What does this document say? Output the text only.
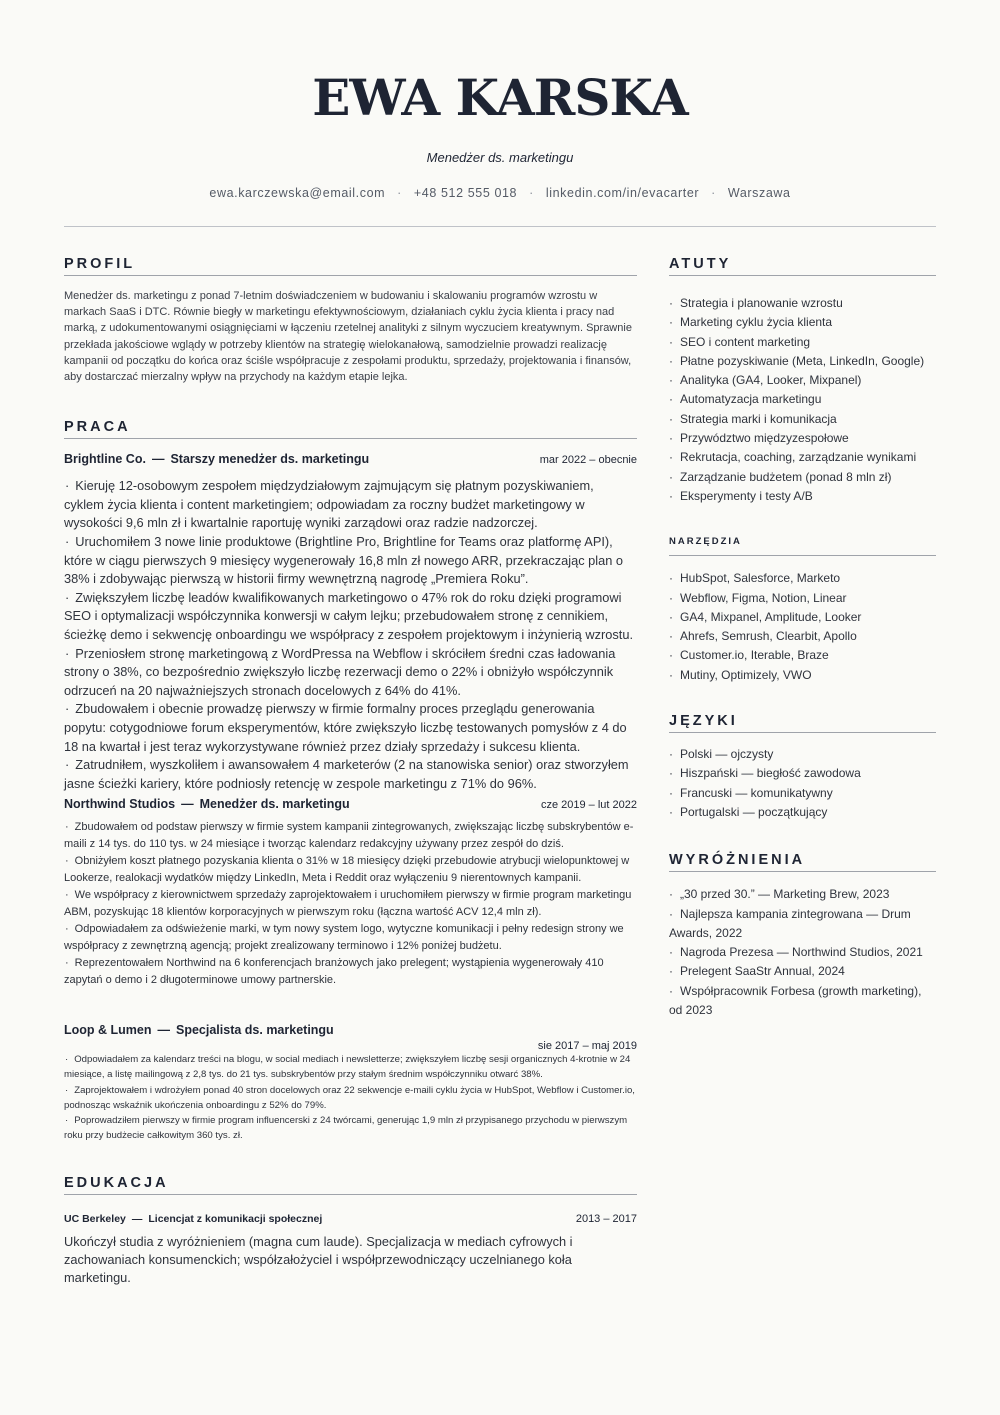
EWA KARSKA
Menedżer ds. marketingu
ewa.karczewska@email.com · +48 512 555 018 · linkedin.com/in/evacarter · Warszawa
PROFIL

Menedżer ds. marketingu z ponad 7-letnim doświadczeniem w budowaniu i skalowaniu programów wzrostu w markach SaaS i DTC. Równie biegły w marketingu efektywnościowym, działaniach cyklu życia klienta i pracy nad marką, z udokumentowanymi osiągnięciami w łączeniu rzetelnej analityki z silnym wyczuciem kreatywnym. Sprawnie przekłada jakościowe wglądy w potrzeby klientów na strategię wielokanałową, samodzielnie prowadzi realizację kampanii od początku do końca oraz ściśle współpracuje z zespołami produktu, sprzedaży, projektowania i finansów, aby dostarczać mierzalny wpływ na przychody na każdym etapie lejka.

PRACA
Brightline Co. — Starszy menedżer ds. marketingu	mar 2022 – obecnie
· Kieruję 12-osobowym zespołem międzydziałowym zajmującym się płatnym pozyskiwaniem, cyklem życia klienta i content marketingiem; odpowiadam za roczny budżet marketingowy w wysokości 9,6 mln zł i kwartalnie raportuję wyniki zarządowi oraz radzie nadzorczej.
· Uruchomiłem 3 nowe linie produktowe (Brightline Pro, Brightline for Teams oraz platformę API), które w ciągu pierwszych 9 miesięcy wygenerowały 16,8 mln zł nowego ARR, przekraczając plan o 38% i zdobywając pierwszą w historii firmy wewnętrzną nagrodę „Premiera Roku”.
· Zwiększyłem liczbę leadów kwalifikowanych marketingowo o 47% rok do roku dzięki programowi SEO i optymalizacji współczynnika konwersji w całym lejku; przebudowałem stronę z cennikiem, ścieżkę demo i sekwencję onboardingu we współpracy z zespołem projektowym i inżynierią wzrostu.
· Przeniosłem stronę marketingową z WordPressa na Webflow i skróciłem średni czas ładowania strony o 38%, co bezpośrednio zwiększyło liczbę rezerwacji demo o 22% i obniżyło współczynnik odrzuceń na 20 najważniejszych stronach docelowych z 64% do 41%.
· Zbudowałem i obecnie prowadzę pierwszy w firmie formalny proces przeglądu generowania popytu: cotygodniowe forum eksperymentów, które zwiększyło liczbę testowanych pomysłów z 4 do 18 na kwartał i jest teraz wykorzystywane również przez działy sprzedaży i sukcesu klienta.
· Zatrudniłem, wyszkoliłem i awansowałem 4 marketerów (2 na stanowiska senior) oraz stworzyłem jasne ścieżki kariery, które podniosły retencję w zespole marketingu z 71% do 96%.
Northwind Studios — Menedżer ds. marketingu	cze 2019 – lut 2022
· Zbudowałem od podstaw pierwszy w firmie system kampanii zintegrowanych, zwiększając liczbę subskrybentów e-maili z 14 tys. do 110 tys. w 24 miesiące i tworząc kalendarz redakcyjny używany przez zespół do dziś.
· Obniżyłem koszt płatnego pozyskania klienta o 31% w 18 miesięcy dzięki przebudowie atrybucji wielopunktowej w Lookerze, realokacji wydatków między LinkedIn, Meta i Reddit oraz wyłączeniu 9 nierentownych kampanii.
· We współpracy z kierownictwem sprzedaży zaprojektowałem i uruchomiłem pierwszy w firmie program marketingu ABM, pozyskując 18 klientów korporacyjnych w pierwszym roku (łączna wartość ACV 12,4 mln zł).
· Odpowiadałem za odświeżenie marki, w tym nowy system logo, wytyczne komunikacji i pełny redesign strony we współpracy z zewnętrzną agencją; projekt zrealizowany terminowo i 12% poniżej budżetu.
· Reprezentowałem Northwind na 6 konferencjach branżowych jako prelegent; wystąpienia wygenerowały 410 zapytań o demo i 2 długoterminowe umowy partnerskie.
Loop & Lumen — Specjalista ds. marketingu
sie 2017 – maj 2019
· Odpowiadałem za kalendarz treści na blogu, w social mediach i newsletterze; zwiększyłem liczbę sesji organicznych 4-krotnie w 24 miesiące, a listę mailingową z 2,8 tys. do 21 tys. subskrybentów przy stałym średnim współczynniku otwarć 38%.
· Zaprojektowałem i wdrożyłem ponad 40 stron docelowych oraz 22 sekwencje e-maili cyklu życia w HubSpot, Webflow i Customer.io, podnosząc wskaźnik ukończenia onboardingu z 52% do 79%.
· Poprowadziłem pierwszy w firmie program influencerski z 24 twórcami, generując 1,9 mln zł przypisanego przychodu w pierwszym roku przy budżecie całkowitym 360 tys. zł.
EDUKACJA
UC Berkeley — Licencjat z komunikacji społecznej	2013 – 2017

Ukończył studia z wyróżnieniem (magna cum laude). Specjalizacja w mediach cyfrowych i zachowaniach konsumenckich; współzałożyciel i współprzewodniczący uczelnianego koła marketingu.

ATUTY
· Strategia i planowanie wzrostu
· Marketing cyklu życia klienta
· SEO i content marketing
· Płatne pozyskiwanie (Meta, LinkedIn, Google)
· Analityka (GA4, Looker, Mixpanel)
· Automatyzacja marketingu
· Strategia marki i komunikacja
· Przywództwo międzyzespołowe
· Rekrutacja, coaching, zarządzanie wynikami
· Zarządzanie budżetem (ponad 8 mln zł)
· Eksperymenty i testy A/B
NARZĘDZIA
· HubSpot, Salesforce, Marketo
· Webflow, Figma, Notion, Linear
· GA4, Mixpanel, Amplitude, Looker
· Ahrefs, Semrush, Clearbit, Apollo
· Customer.io, Iterable, Braze
· Mutiny, Optimizely, VWO
JĘZYKI
· Polski — ojczysty
· Hiszpański — biegłość zawodowa
· Francuski — komunikatywny
· Portugalski — początkujący
WYRÓŻNIENIA
· „30 przed 30.” — Marketing Brew, 2023
· Najlepsza kampania zintegrowana — Drum Awards, 2022
· Nagroda Prezesa — Northwind Studios, 2021
· Prelegent SaaStr Annual, 2024
· Współpracownik Forbesa (growth marketing), od 2023
